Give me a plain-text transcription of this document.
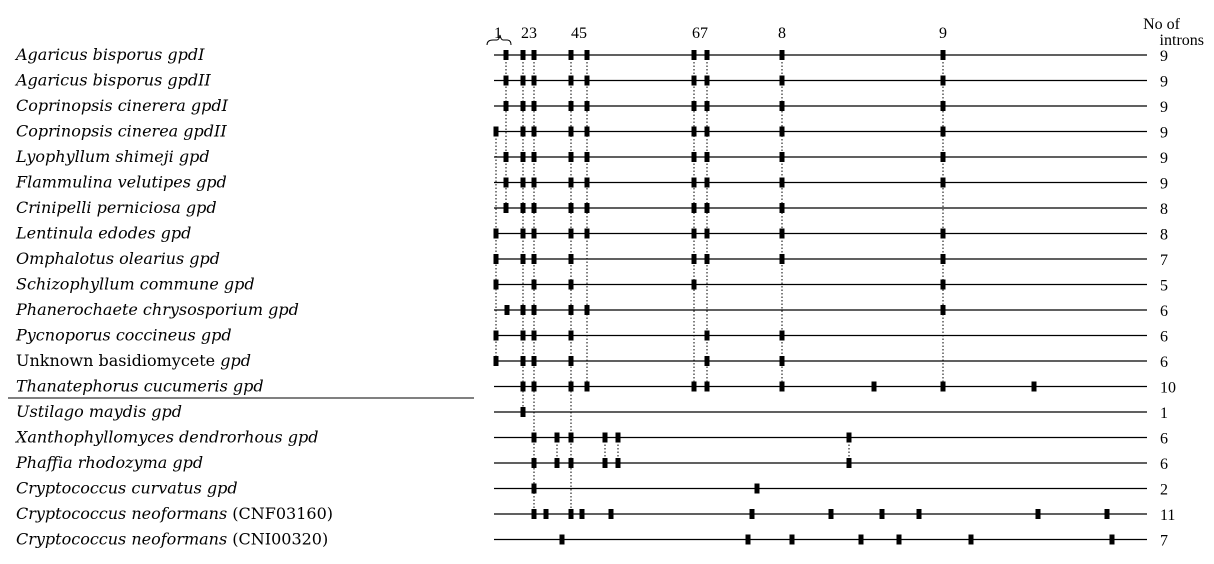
No of
introns
1 23 45	67	8	9
Agaricus bisporus gpdI	9
Agaricus bisporus gpdII	9
Coprinopsis cinerera gpdI	9
Coprinopsis cinerea gpdII	9
Lyophyllum shimeji gpd	9
Flammulina velutipes gpd	9
Crinipelli perniciosa gpd	8
Lentinula edodes gpd	8
Omphalotus olearius gpd	7
Schizophyllum commune gpd	5
Phanerochaete chrysosporium gpd	6
Pycnoporus coccineus gpd	6
Unknown basidiomycete gpd	6
Thanatephorus cucumeris gpd	10
Ustilago maydis gpd	1
Xanthophyllomyces dendrorhous gpd	6
Phaffia rhodozyma gpd	6
Cryptococcus curvatus gpd	2
Cryptococcus neoformans (CNF03160)	11
Cryptococcus neoformans (CNI00320)	7
